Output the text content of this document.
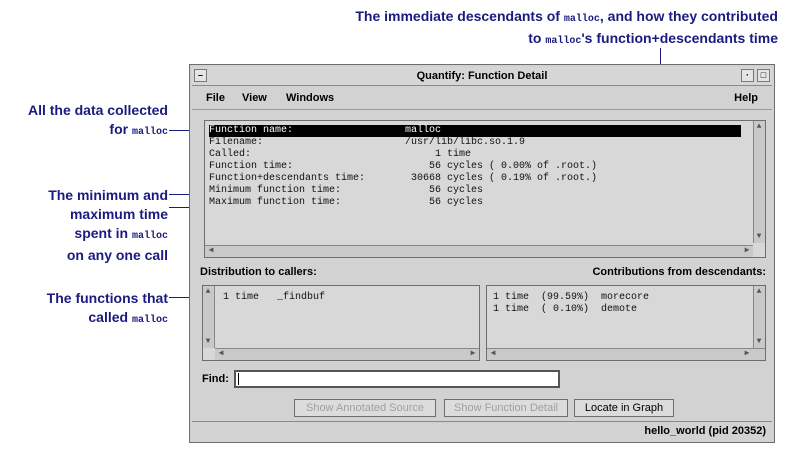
The immediate descendants of malloc, and how they contributed
to malloc's function+descendants time
All the data collected
for malloc
The minimum and
maximum time
spent in malloc
on any one call
The functions that
called malloc
–	Quantify: Function Detail	·	□
File View Windows	Help
Function name:	malloc
Filename:	/usr/lib/libc.so.1.9
Called:	1 time
Function time:	56 cycles ( 0.00% of .root.)
Function+descendants time:	30668 cycles ( 0.19% of .root.)
Minimum function time:	56 cycles
Maximum function time:	56 cycles
▲
▼
◀	▶
Distribution to callers:	Contributions from descendants:
▲
▼
1 time   _findbuf
◀	▶
1 time  (99.59%)  morecore
1 time  ( 0.10%)  demote
▲
▼
◀	▶
Find:
Show Annotated Source	Show Function Detail	Locate in Graph
hello_world (pid 20352)
